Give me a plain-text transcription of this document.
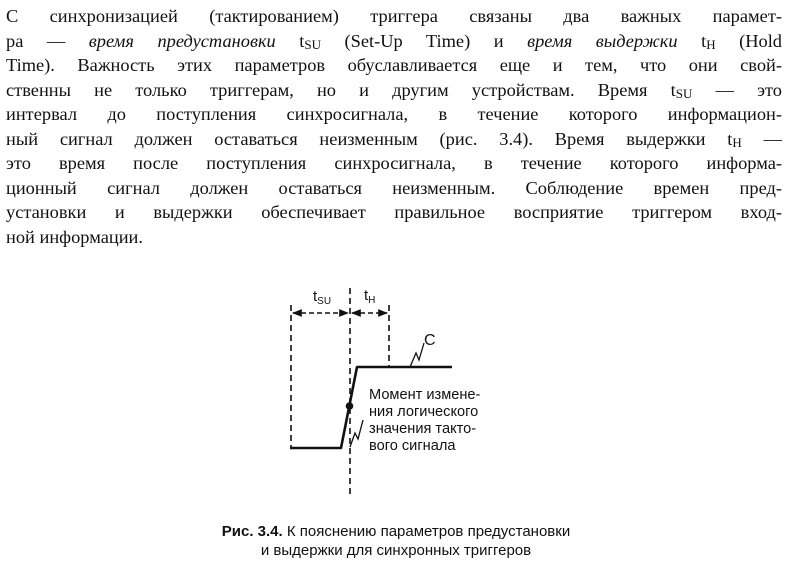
С синхронизацией (тактированием) триггера связаны два важных парамет-
ра — время предустановки $t_{SU}$ (Set-Up Time) и время выдержки $t_H$ (Hold
Time). Важность этих параметров обуславливается еще и тем, что они свой-
ственны не только триггерам, но и другим устройствам. Время $t_{SU}$ — это
интервал до поступления синхросигнала, в течение которого информацион-
ный сигнал должен оставаться неизменным (рис. 3.4). Время выдержки $t_H$ —
это время после поступления синхросигнала, в течение которого информа-
ционный сигнал должен оставаться неизменным. Соблюдение времен пред-
установки и выдержки обеспечивает правильное восприятие триггером вход-
ной информации.
$t_{SU}$ $t_H$
C
Момент измене- ния логического значения такто- вого сигнала
Рис. 3.4. К пояснению параметров предустановки
и выдержки для синхронных триггеров
